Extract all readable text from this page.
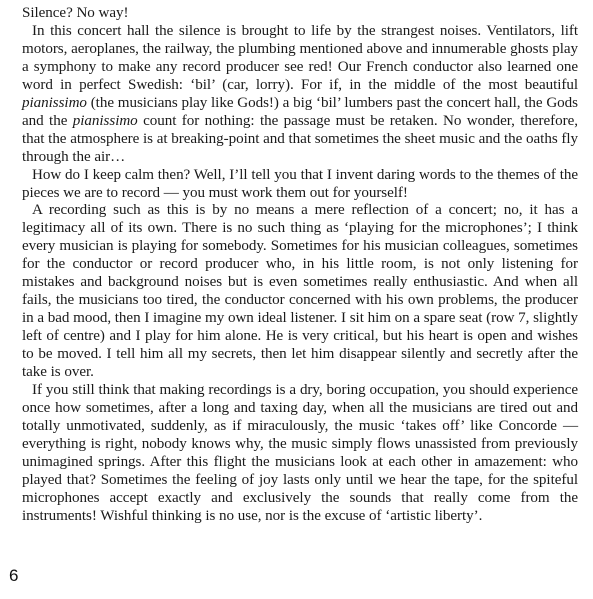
Silence? No way!

In this concert hall the silence is brought to life by the strangest noises. Ventilators, lift motors, aeroplanes, the railway, the plumbing mentioned above and innumerable ghosts play a symphony to make any record producer see red! Our French conductor also learned one word in perfect Swedish: ‘bil’ (car, lorry). For if, in the middle of the most beautiful pianissimo (the musicians play like Gods!) a big ‘bil’ lumbers past the concert hall, the Gods and the pianissimo count for nothing: the passage must be retaken. No wonder, therefore, that the atmosphere is at breaking-point and that sometimes the sheet music and the oaths fly through the air…

How do I keep calm then? Well, I’ll tell you that I invent daring words to the themes of the pieces we are to record — you must work them out for yourself!

A recording such as this is by no means a mere reflection of a concert; no, it has a legitimacy all of its own. There is no such thing as ‘playing for the microphones’; I think every musician is playing for somebody. Sometimes for his musician colleagues, sometimes for the conductor or record producer who, in his little room, is not only listening for mistakes and background noises but is even sometimes really enthusiastic. And when all fails, the musicians too tired, the conductor concerned with his own problems, the producer in a bad mood, then I imagine my own ideal listener. I sit him on a spare seat (row 7, slightly left of centre) and I play for him alone. He is very critical, but his heart is open and wishes to be moved. I tell him all my secrets, then let him disappear silently and secretly after the take is over.

If you still think that making recordings is a dry, boring occupation, you should experience once how sometimes, after a long and taxing day, when all the musicians are tired out and totally unmotivated, suddenly, as if miraculously, the music ‘takes off’ like Concorde — everything is right, nobody knows why, the music simply flows unassisted from previously unimagined springs. After this flight the musicians look at each other in amazement: who played that? Sometimes the feeling of joy lasts only until we hear the tape, for the spiteful microphones accept exactly and exclusively the sounds that really come from the instruments! Wishful thinking is no use, nor is the excuse of ‘artistic liberty’.

6
